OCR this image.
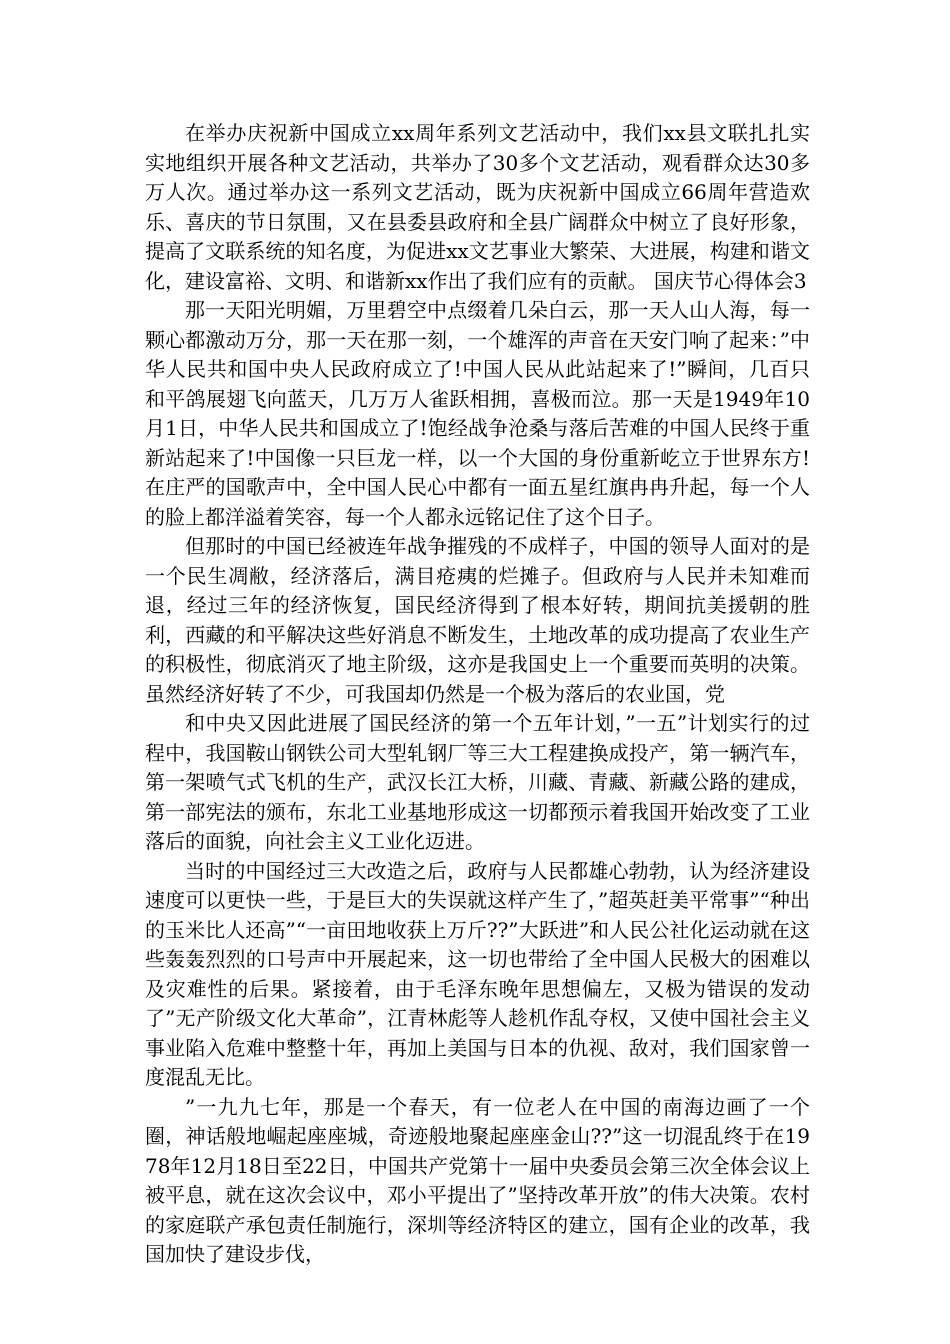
在举办庆祝新中国成立xx周年系列文艺活动中，我们xx县文联扎扎实实地组织开展各种文艺活动，共举办了30多个文艺活动，观看群众达30多万人次。通过举办这一系列文艺活动，既为庆祝新中国成立66周年营造欢乐、喜庆的节日氛围，又在县委县政府和全县广阔群众中树立了良好形象，提高了文联系统的知名度，为促进xx文艺事业大繁荣、大进展，构建和谐文化，建设富裕、文明、和谐新xx作出了我们应有的贡献。 国庆节心得体会3

那一天阳光明媚，万里碧空中点缀着几朵白云，那一天人山人海，每一颗心都激动万分，那一天在那一刻，一个雄浑的声音在天安门响了起来：”中华人民共和国中央人民政府成立了!中国人民从此站起来了!”瞬间，几百只和平鸽展翅飞向蓝天，几万万人雀跃相拥，喜极而泣。那一天是1949年10月1日，中华人民共和国成立了!饱经战争沧桑与落后苦难的中国人民终于重新站起来了!中国像一只巨龙一样，以一个大国的身份重新屹立于世界东方!在庄严的国歌声中，全中国人民心中都有一面五星红旗冉冉升起，每一个人的脸上都洋溢着笑容，每一个人都永远铭记住了这个日子。

但那时的中国已经被连年战争摧残的不成样子，中国的领导人面对的是一个民生凋敝，经济落后，满目疮痍的烂摊子。但政府与人民并未知难而退，经过三年的经济恢复，国民经济得到了根本好转，期间抗美援朝的胜利，西藏的和平解决这些好消息不断发生，土地改革的成功提高了农业生产的积极性，彻底消灭了地主阶级，这亦是我国史上一个重要而英明的决策。虽然经济好转了不少，可我国却仍然是一个极为落后的农业国，党

和中央又因此进展了国民经济的第一个五年计划，”一五”计划实行的过程中，我国鞍山钢铁公司大型轧钢厂等三大工程建换成投产，第一辆汽车，第一架喷气式飞机的生产，武汉长江大桥，川藏、青藏、新藏公路的建成，第一部宪法的颁布，东北工业基地形成这一切都预示着我国开始改变了工业落后的面貌，向社会主义工业化迈进。

当时的中国经过三大改造之后，政府与人民都雄心勃勃，认为经济建设速度可以更快一些，于是巨大的失误就这样产生了，”超英赶美平常事”“种出的玉米比人还高”“一亩田地收获上万斤??”大跃进”和人民公社化运动就在这些轰轰烈烈的口号声中开展起来，这一切也带给了全中国人民极大的困难以及灾难性的后果。紧接着，由于毛泽东晚年思想偏左，又极为错误的发动了”无产阶级文化大革命”，江青林彪等人趁机作乱夺权，又使中国社会主义事业陷入危难中整整十年，再加上美国与日本的仇视、敌对，我们国家曾一度混乱无比。

”一九九七年，那是一个春天，有一位老人在中国的南海边画了一个圈，神话般地崛起座座城，奇迹般地聚起座座金山??”这一切混乱终于在1978年12月18日至22日，中国共产党第十一届中央委员会第三次全体会议上被平息，就在这次会议中，邓小平提出了”坚持改革开放”的伟大决策。农村的家庭联产承包责任制施行，深圳等经济特区的建立，国有企业的改革，我国加快了建设步伐，
